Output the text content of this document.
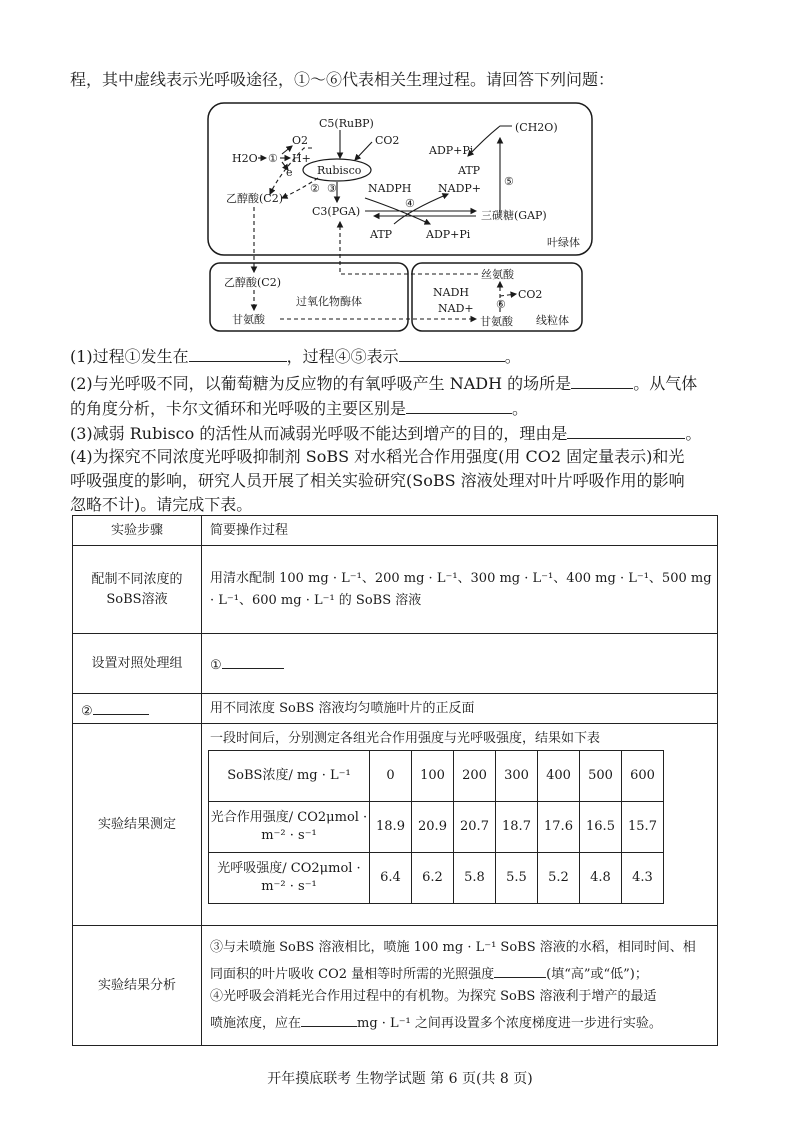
程，其中虚线表示光呼吸途径，①～⑥代表相关生理过程。请回答下列问题：
C5(RuBP)
O2	CO2
H2O ① H+
e Rubisco
(CH2O)
ADP+Pi
ATP
⑤
② ③	NADPH NADP+
乙醇酸(C2)	④
C3(PGA)	三碳糖(GAP)
ATP	ADP+Pi
叶绿体
乙醇酸(C2)
过氧化物酶体
甘氨酸
丝氨酸
NADH	CO2
⑥
NAD+
甘氨酸 线粒体
(1)过程①发生在	，过程④⑤表示	。
(2)与光呼吸不同，以葡萄糖为反应物的有氧呼吸产生 NADH 的场所是	。从气体
的角度分析，卡尔文循环和光呼吸的主要区别是	。
(3)减弱 Rubisco 的活性从而减弱光呼吸不能达到增产的目的，理由是	。
(4)为探究不同浓度光呼吸抑制剂 SoBS 对水稻光合作用强度(用 CO2 固定量表示)和光
呼吸强度的影响，研究人员开展了相关实验研究(SoBS 溶液处理对叶片呼吸作用的影响
忽略不计)。请完成下表。
实验步骤	简要操作过程
配制不同浓度的SoBS溶液	用清水配制 100 mg · L⁻¹、200 mg · L⁻¹、300 mg · L⁻¹、400 mg · L⁻¹、500 mg · L⁻¹、600 mg · L⁻¹ 的 SoBS 溶液
设置对照处理组	①
②	用不同浓度 SoBS 溶液均匀喷施叶片的正反面
实验结果测定	
一段时间后，分别测定各组光合作用强度与光呼吸强度，结果如下表
SoBS浓度/ mg · L⁻¹	0	100	200	300	400	500	600
光合作用强度/ CO2μmol · m⁻² · s⁻¹	18.9	20.9	20.7	18.7	17.6	16.5	15.7
光呼吸强度/ CO2μmol · m⁻² · s⁻¹	6.4	6.2	5.8	5.5	5.2	4.8	4.3

实验结果分析	
③与未喷施 SoBS 溶液相比，喷施 100 mg · L⁻¹ SoBS 溶液的水稻，相同时间、相
同面积的叶片吸收 CO2 量相等时所需的光照强度	(填“高”或“低”)；
④光呼吸会消耗光合作用过程中的有机物。为探究 SoBS 溶液利于增产的最适
喷施浓度，应在	mg · L⁻¹ 之间再设置多个浓度梯度进一步进行实验。
开年摸底联考 生物学试题 第 6 页(共 8 页)
